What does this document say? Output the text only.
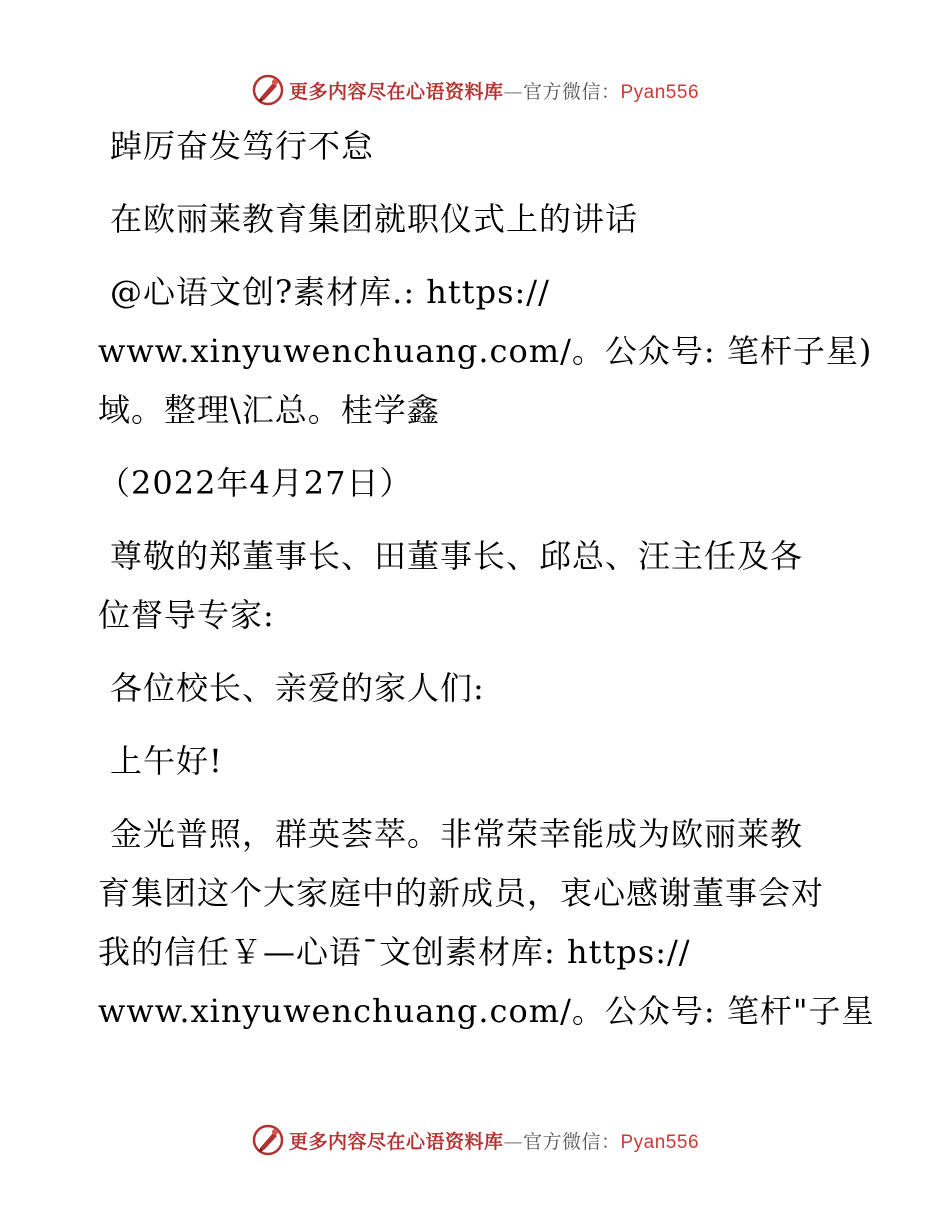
更多内容尽在心语资料库—官方微信：Pyan556
踔厉奋发笃行不怠
在欧丽莱教育集团就职仪式上的讲话
@心语文创?素材库.: https://
www.xinyuwenchuang.com/。公众号: 笔杆子星)
域。整理\汇总。桂学鑫
（2022年4月27日）
尊敬的郑董事长、田董事长、邱总、汪主任及各
位督导专家:
各位校长、亲爱的家人们:
上午好!
金光普照，群英荟萃。非常荣幸能成为欧丽莱教
育集团这个大家庭中的新成员，衷心感谢董事会对
我的信任￥—心语¯文创素材库: https://
www.xinyuwenchuang.com/。公众号: 笔杆"子星
更多内容尽在心语资料库—官方微信：Pyan556
